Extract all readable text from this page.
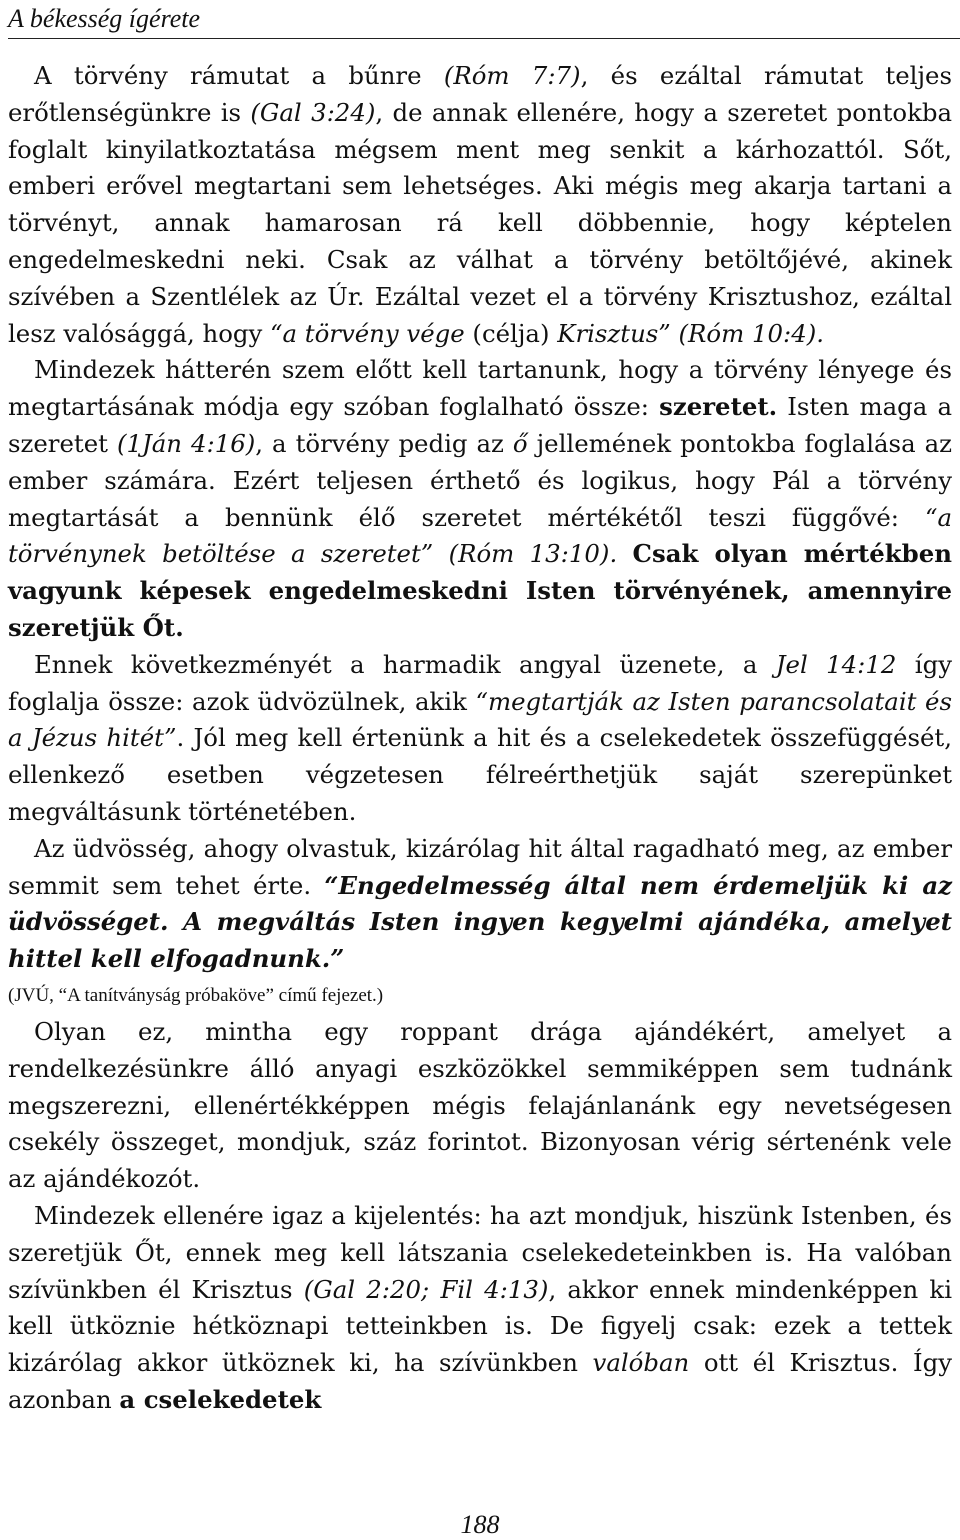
A békesség ígérete

A törvény rámutat a bűnre (Róm 7:7), és ezáltal rámutat teljes erőtlenségünkre is (Gal 3:24), de annak ellenére, hogy a szeretet pontokba foglalt kinyilatkoztatása mégsem ment meg senkit a kárhozattól. Sőt, emberi erővel megtartani sem lehetséges. Aki mégis meg akarja tartani a törvényt, annak hamarosan rá kell döbbennie, hogy képtelen engedelmeskedni neki. Csak az válhat a törvény betöltőjévé, akinek szívében a Szentlélek az Úr. Ezáltal vezet el a törvény Krisztushoz, ezáltal lesz valósággá, hogy “a törvény vége (célja) Krisztus” (Róm 10:4).

Mindezek hátterén szem előtt kell tartanunk, hogy a törvény lényege és megtartásának módja egy szóban foglalható össze: szeretet. Isten maga a szeretet (1Ján 4:16), a törvény pedig az ő jellemének pontokba foglalása az ember számára. Ezért teljesen érthető és logikus, hogy Pál a törvény megtartását a bennünk élő szeretet mértékétől teszi függővé: “a törvénynek betöltése a szeretet” (Róm 13:10). Csak olyan mértékben vagyunk képesek engedelmeskedni Isten törvényének, amennyire szeretjük Őt.

Ennek következményét a harmadik angyal üzenete, a Jel 14:12 így foglalja össze: azok üdvözülnek, akik “megtartják az Isten parancsolatait és a Jézus hitét”. Jól meg kell értenünk a hit és a cselekedetek összefüggését, ellenkező esetben végzetesen félreérthetjük saját szerepünket megváltásunk történetében.

Az üdvösség, ahogy olvastuk, kizárólag hit által ragadható meg, az ember semmit sem tehet érte. “Engedelmesség által nem érdemeljük ki az üdvösséget. A megváltás Isten ingyen kegyelmi ajándéka, amelyet hittel kell elfogadnunk.”

(JVÚ, “A tanítványság próbaköve” című fejezet.)

Olyan ez, mintha egy roppant drága ajándékért, amelyet a rendelkezésünkre álló anyagi eszközökkel semmiképpen sem tudnánk megszerezni, ellenértékképpen mégis felajánlanánk egy nevetségesen csekély összeget, mondjuk, száz forintot. Bizonyosan vérig sértenénk vele az ajándékozót.

Mindezek ellenére igaz a kijelentés: ha azt mondjuk, hiszünk Istenben, és szeretjük Őt, ennek meg kell látszania cselekedeteinkben is. Ha valóban szívünkben él Krisztus (Gal 2:20; Fil 4:13), akkor ennek mindenképpen ki kell ütköznie hétköznapi tetteinkben is. De figyelj csak: ezek a tettek kizárólag akkor ütköznek ki, ha szívünkben valóban ott él Krisztus. Így azonban a cselekedetek

188
